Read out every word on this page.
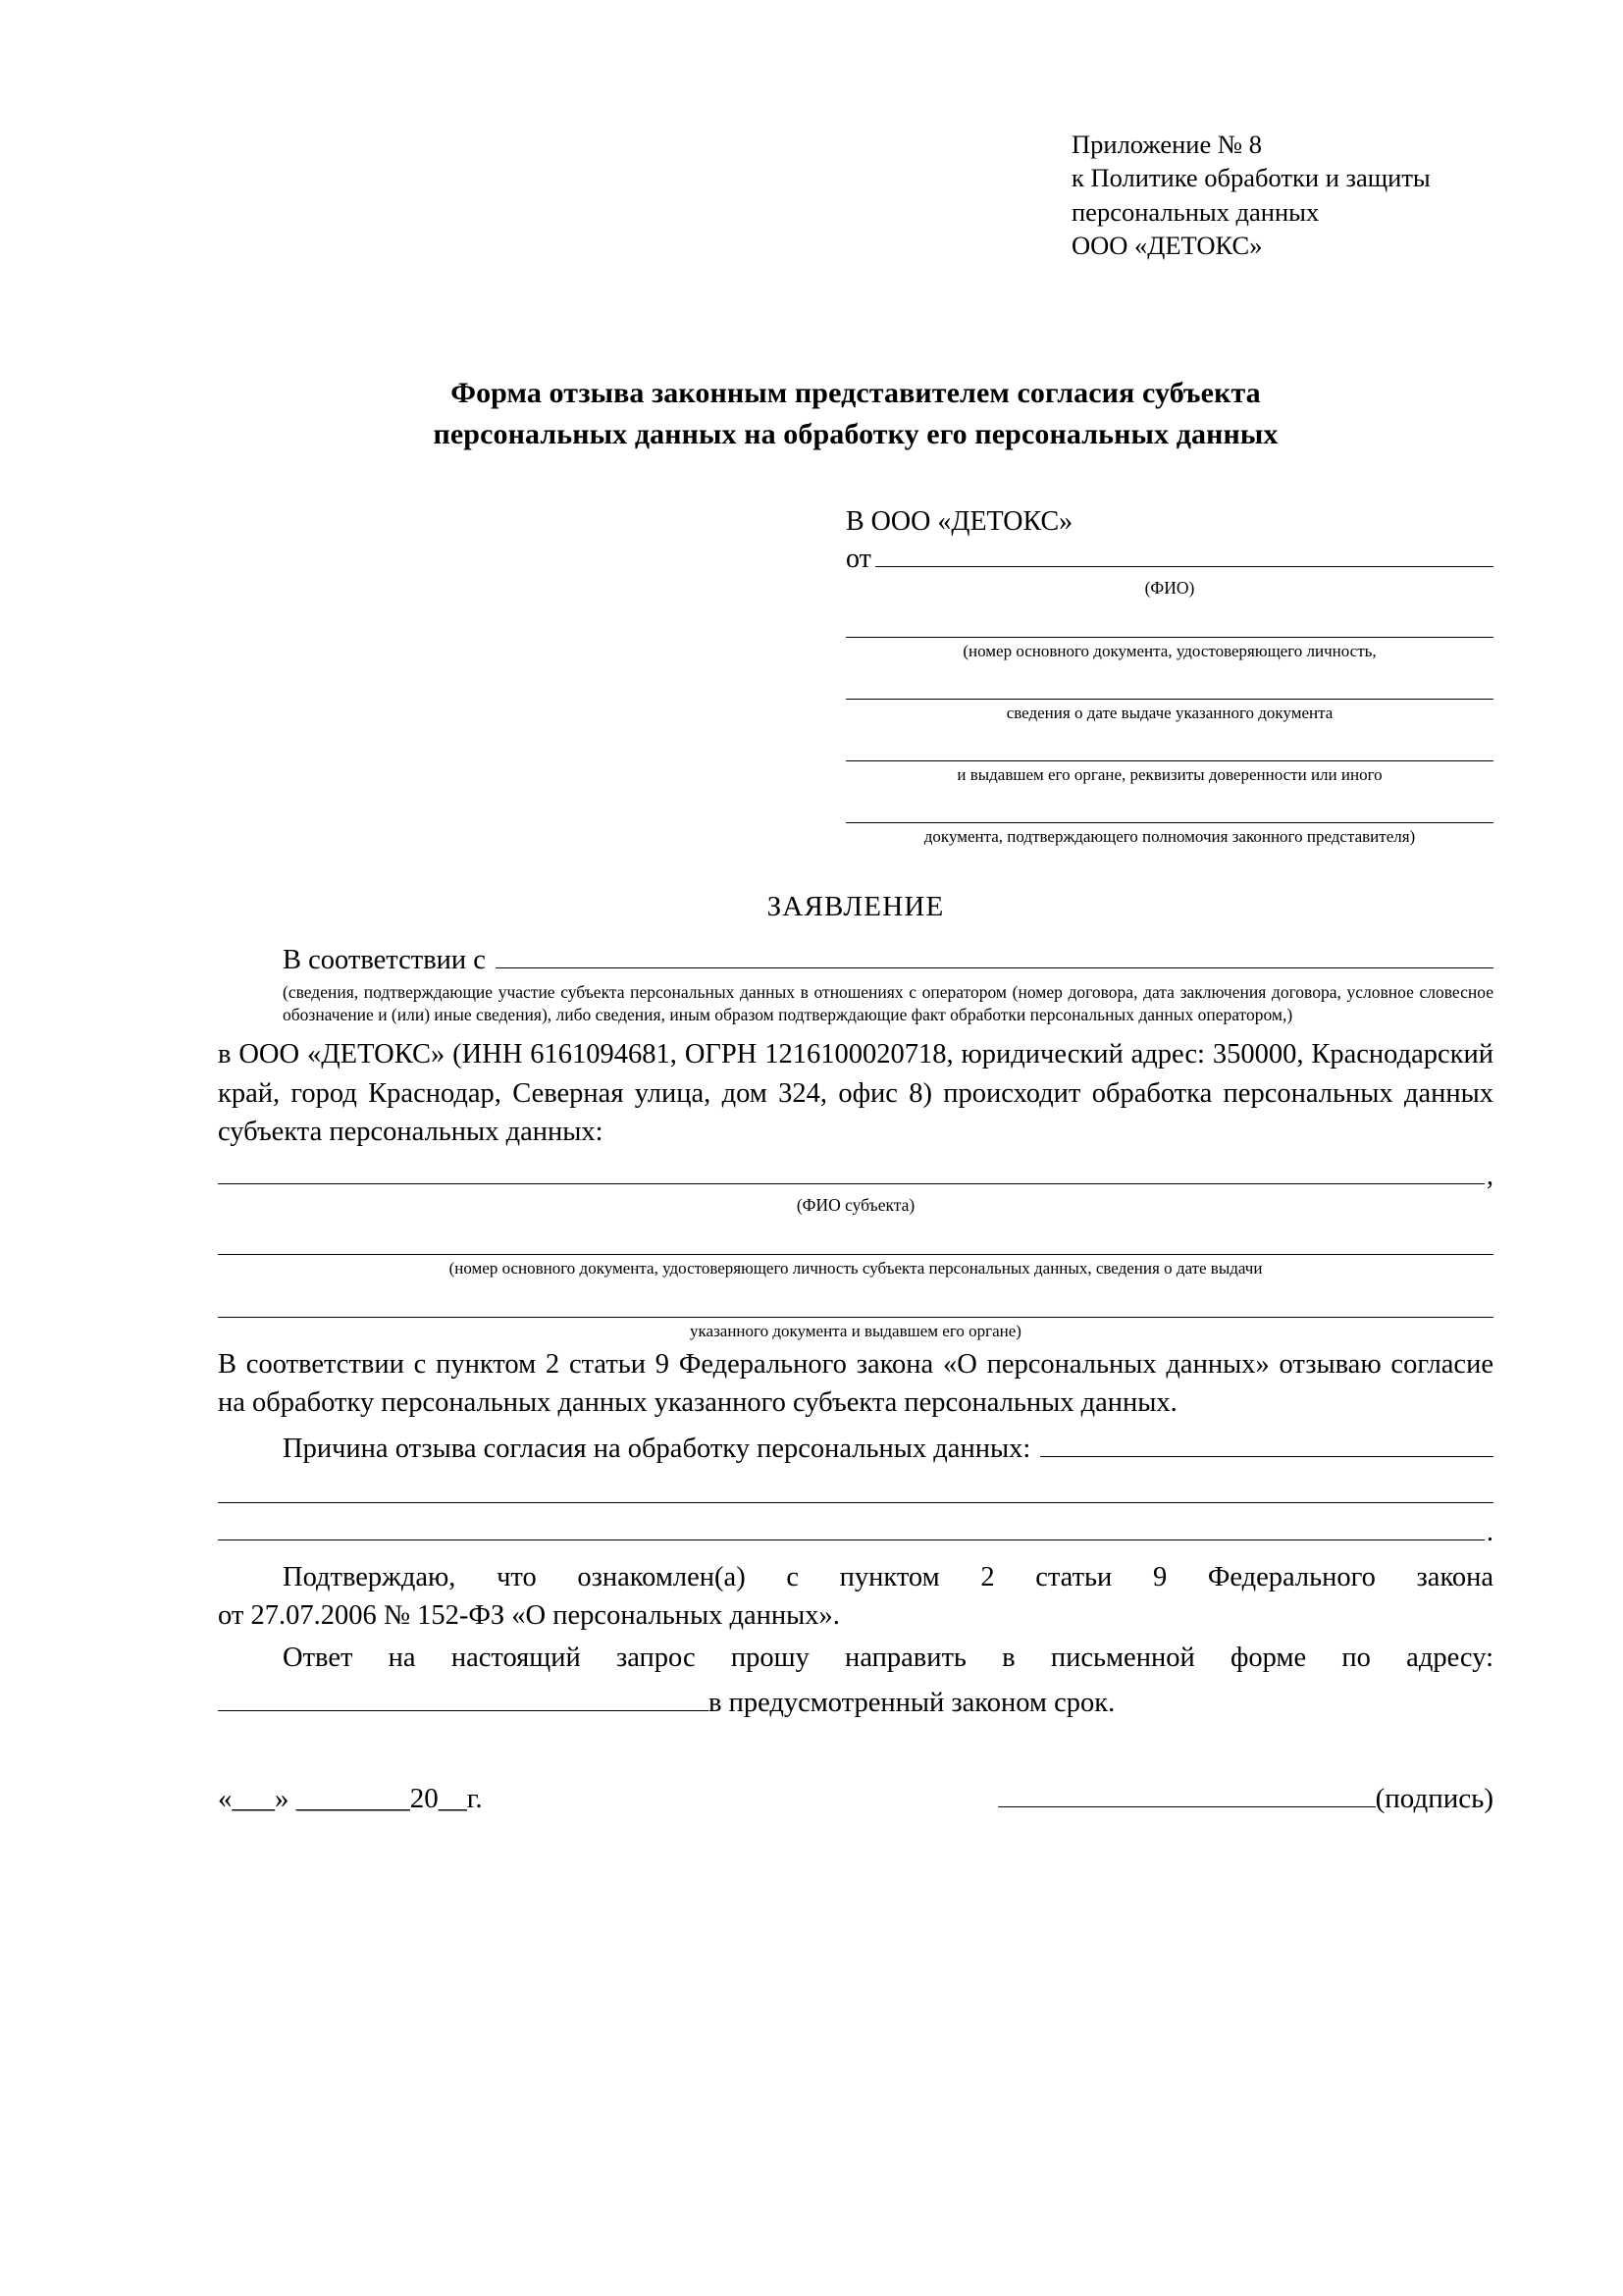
Приложение № 8
к Политике обработки и защиты
персональных данных
ООО «ДЕТОКС»
Форма отзыва законным представителем согласия субъекта
персональных данных на обработку его персональных данных
В ООО «ДЕТОКС»
от
(ФИО)
(номер основного документа, удостоверяющего личность,
сведения о дате выдаче указанного документа
и выдавшем его органе, реквизиты доверенности или иного
документа, подтверждающего полномочия законного представителя)
ЗАЯВЛЕНИЕ
В соответствии с
(сведения, подтверждающие участие субъекта персональных данных в отношениях с оператором (номер договора, дата заключения договора, условное словесное обозначение и (или) иные сведения), либо сведения, иным образом подтверждающие факт обработки персональных данных оператором,)
в ООО «ДЕТОКС» (ИНН 6161094681, ОГРН 1216100020718, юридический адрес: 350000, Краснодарский край, город Краснодар, Северная улица, дом 324, офис 8) происходит обработка персональных данных субъекта персональных данных:
,
(ФИО субъекта)
(номер основного документа, удостоверяющего личность субъекта персональных данных, сведения о дате выдачи
указанного документа и выдавшем его органе)
В соответствии с пунктом 2 статьи 9 Федерального закона «О персональных данных» отзываю согласие на обработку персональных данных указанного субъекта персональных данных.
Причина отзыва согласия на обработку персональных данных:
.
Подтверждаю, что ознакомлен(а) с пунктом 2 статьи 9 Федерального закона
от 27.07.2006 № 152-ФЗ «О персональных данных».
Ответ на настоящий запрос прошу направить в письменной форме по адресу:
в предусмотренный законом срок.
«___» ________20__г.	(подпись)
